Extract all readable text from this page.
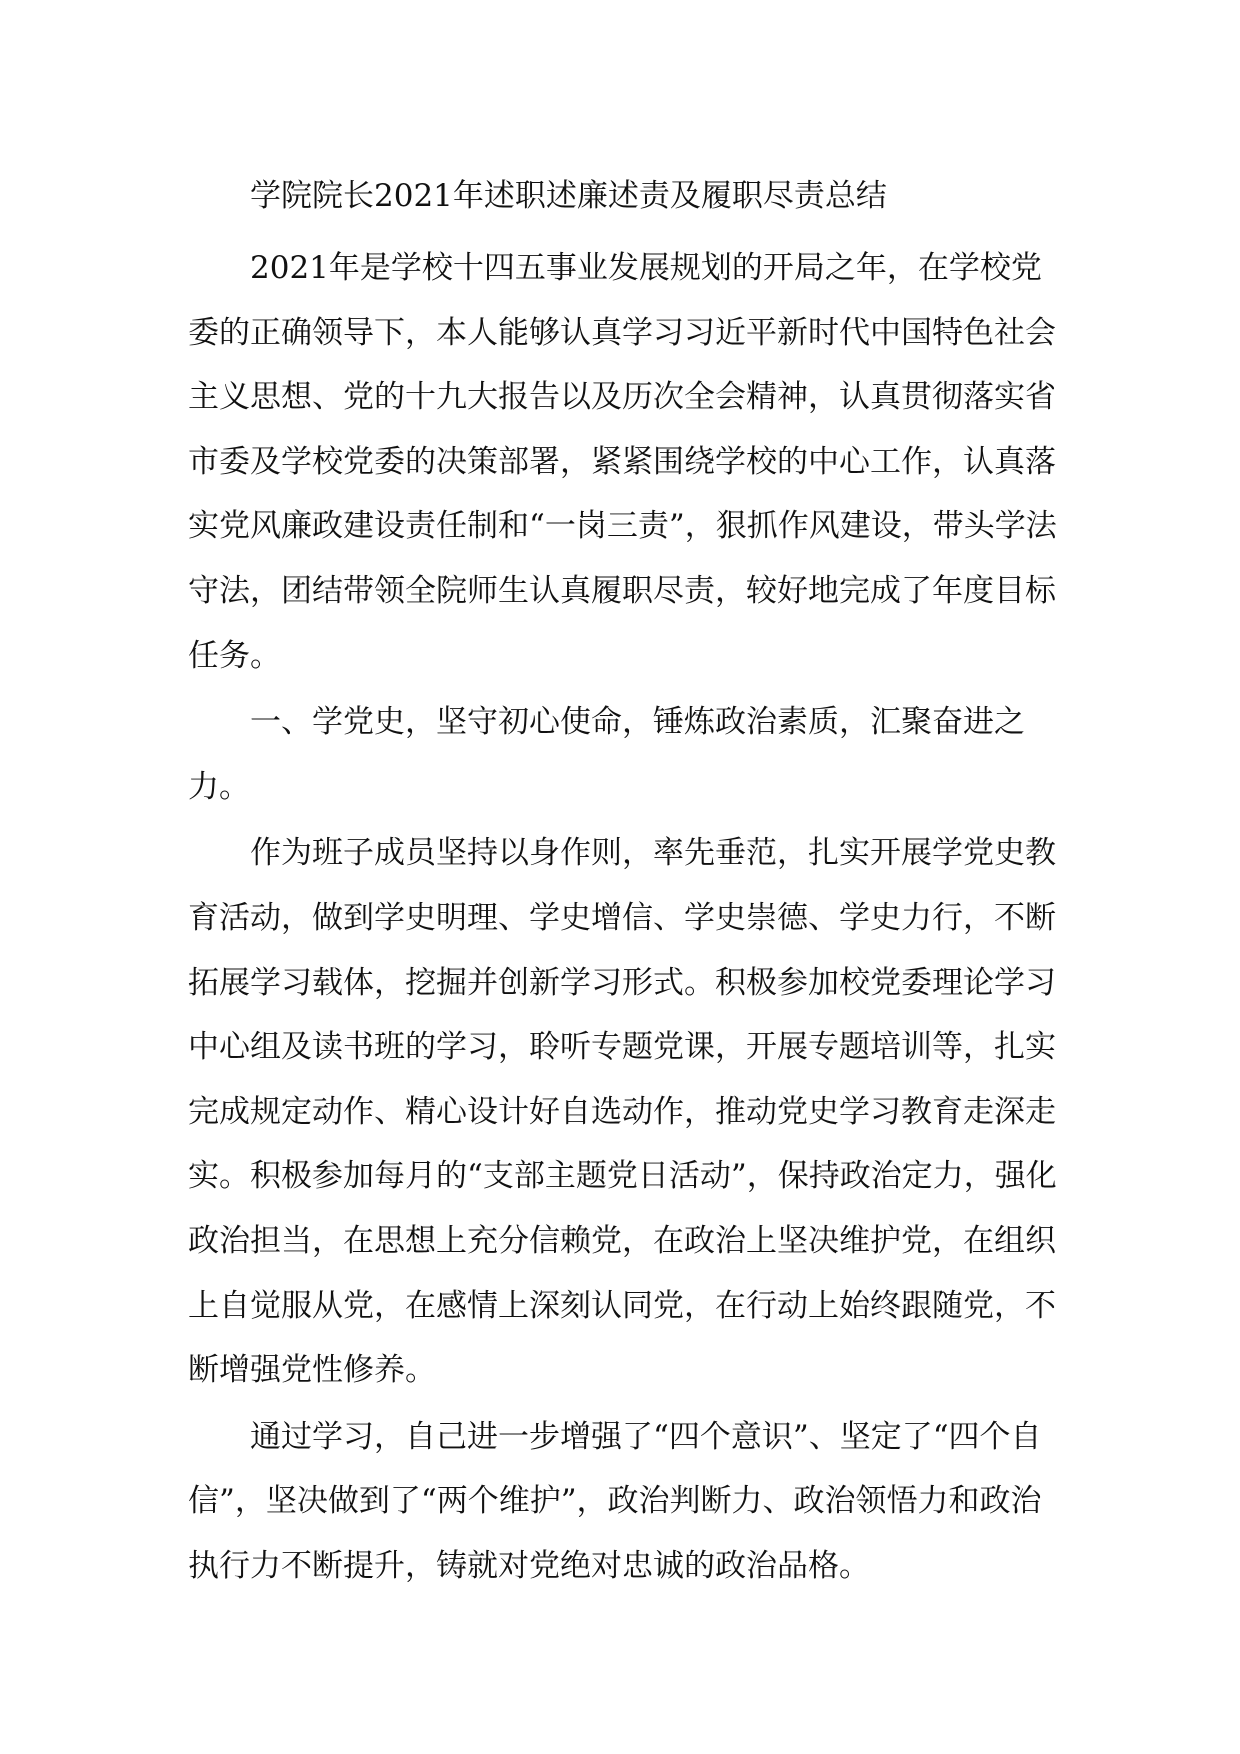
学院院长2021年述职述廉述责及履职尽责总结

2021年是学校十四五事业发展规划的开局之年，在学校党委的正确领导下，本人能够认真学习习近平新时代中国特色社会主义思想、党的十九大报告以及历次全会精神，认真贯彻落实省市委及学校党委的决策部署，紧紧围绕学校的中心工作，认真落实党风廉政建设责任制和“一岗三责”，狠抓作风建设，带头学法守法，团结带领全院师生认真履职尽责，较好地完成了年度目标任务。

一、学党史，坚守初心使命，锤炼政治素质，汇聚奋进之力。

作为班子成员坚持以身作则，率先垂范，扎实开展学党史教育活动，做到学史明理、学史增信、学史崇德、学史力行，不断拓展学习载体，挖掘并创新学习形式。积极参加校党委理论学习中心组及读书班的学习，聆听专题党课，开展专题培训等，扎实完成规定动作、精心设计好自选动作，推动党史学习教育走深走实。积极参加每月的“支部主题党日活动”，保持政治定力，强化政治担当，在思想上充分信赖党，在政治上坚决维护党，在组织上自觉服从党，在感情上深刻认同党，在行动上始终跟随党，不断增强党性修养。

通过学习，自己进一步增强了“四个意识”、坚定了“四个自信”，坚决做到了“两个维护”，政治判断力、政治领悟力和政治执行力不断提升，铸就对党绝对忠诚的政治品格。
